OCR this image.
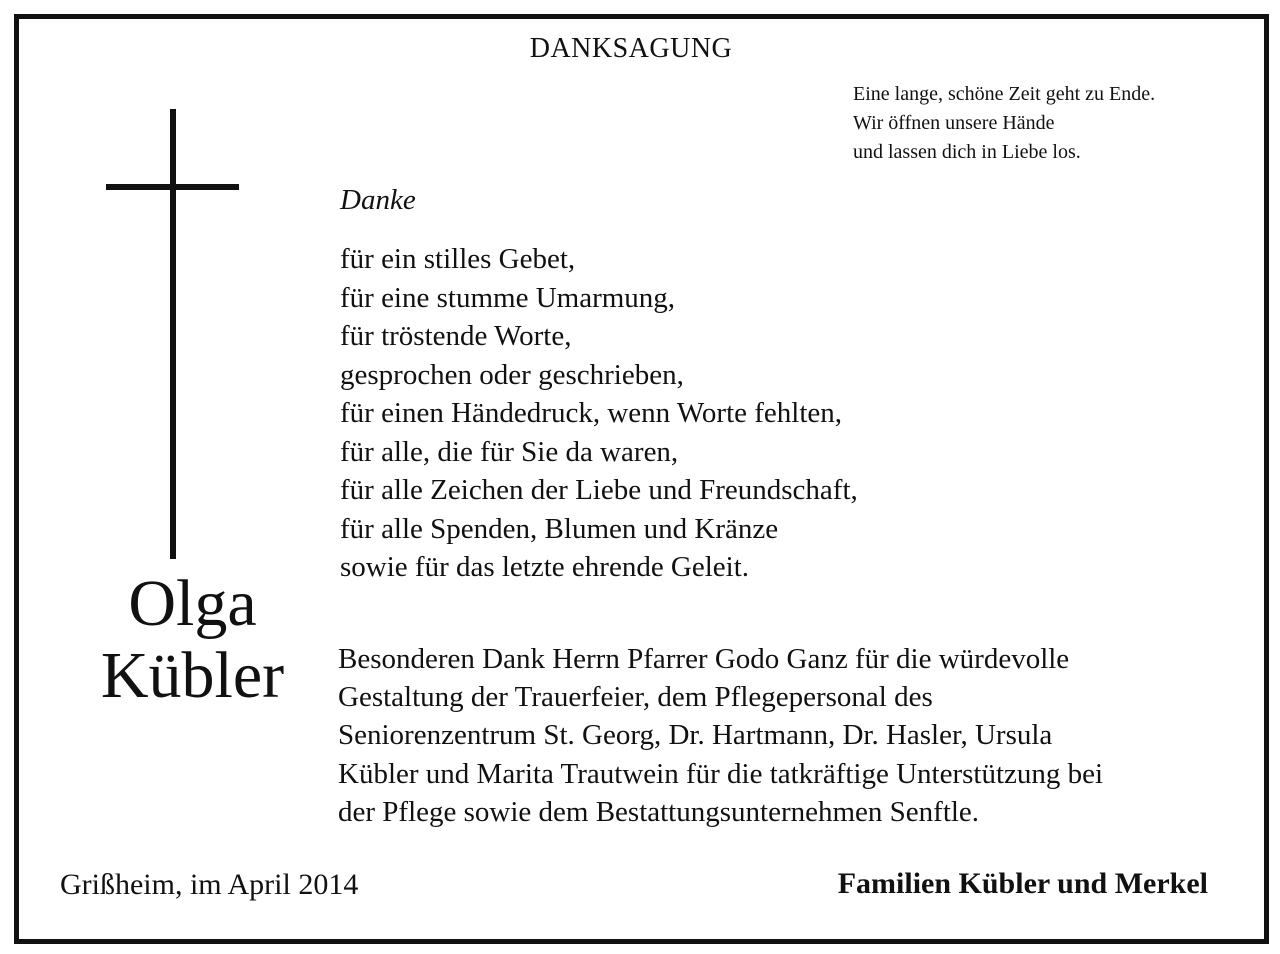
DANKSAGUNG
Eine lange, schöne Zeit geht zu Ende.
Wir öffnen unsere Hände
und lassen dich in Liebe los.
Olga
Kübler
Danke
für ein stilles Gebet,
für eine stumme Umarmung,
für tröstende Worte,
gesprochen oder geschrieben,
für einen Händedruck, wenn Worte fehlten,
für alle, die für Sie da waren,
für alle Zeichen der Liebe und Freundschaft,
für alle Spenden, Blumen und Kränze
sowie für das letzte ehrende Geleit.
Besonderen Dank Herrn Pfarrer Godo Ganz für die würdevolle
Gestaltung der Trauerfeier, dem Pflegepersonal des
Seniorenzentrum St. Georg, Dr. Hartmann, Dr. Hasler, Ursula
Kübler und Marita Trautwein für die tatkräftige Unterstützung bei
der Pflege sowie dem Bestattungsunternehmen Senftle.
Grißheim, im April 2014	Familien Kübler und Merkel
